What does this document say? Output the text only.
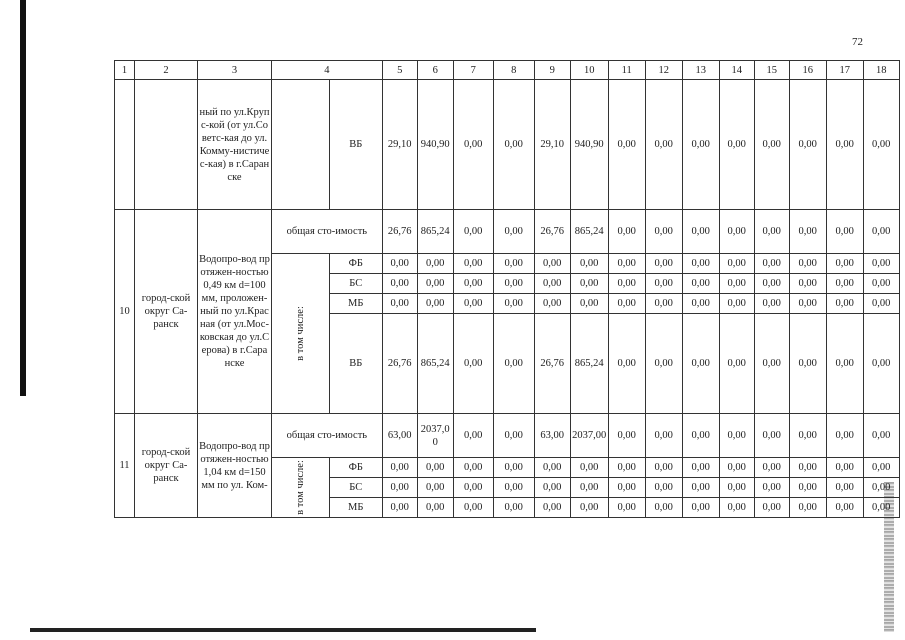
72
1	2	3	4		5	6	7	8	9	10	11	12	13	14	15	16	17	18
		ный по ул.Крупс-кой (от ул.Советс-кая до ул.Комму-нистичес-кая) в г.Саранске		ВБ	29,10	940,90	0,00	0,00	29,10	940,90	0,00	0,00	0,00	0,00	0,00	0,00	0,00	0,00
10	город-ской округ Са-ранск	Водопро-вод протяжен-ностью 0,49 км d=100 мм, проложен-ный по ул.Красная (от ул.Мос-ковская до ул.Серова) в г.Саранске	общая сто-имость		26,76	865,24	0,00	0,00	26,76	865,24	0,00	0,00	0,00	0,00	0,00	0,00	0,00	0,00
			в том числе:	ФБ	0,00	0,00	0,00	0,00	0,00	0,00	0,00	0,00	0,00	0,00	0,00	0,00	0,00	0,00
				БС	0,00	0,00	0,00	0,00	0,00	0,00	0,00	0,00	0,00	0,00	0,00	0,00	0,00	0,00
				МБ	0,00	0,00	0,00	0,00	0,00	0,00	0,00	0,00	0,00	0,00	0,00	0,00	0,00	0,00
				ВБ	26,76	865,24	0,00	0,00	26,76	865,24	0,00	0,00	0,00	0,00	0,00	0,00	0,00	0,00
11	город-ской округ Са-ранск	Водопро-вод протяжен-ностью 1,04 км d=150 мм по ул. Ком-	общая сто-имость		63,00	2037,00	0,00	0,00	63,00	2037,00	0,00	0,00	0,00	0,00	0,00	0,00	0,00	0,00
			в том числе:	ФБ	0,00	0,00	0,00	0,00	0,00	0,00	0,00	0,00	0,00	0,00	0,00	0,00	0,00	0,00
				БС	0,00	0,00	0,00	0,00	0,00	0,00	0,00	0,00	0,00	0,00	0,00	0,00	0,00	0,00
				МБ	0,00	0,00	0,00	0,00	0,00	0,00	0,00	0,00	0,00	0,00	0,00	0,00	0,00	0,00
